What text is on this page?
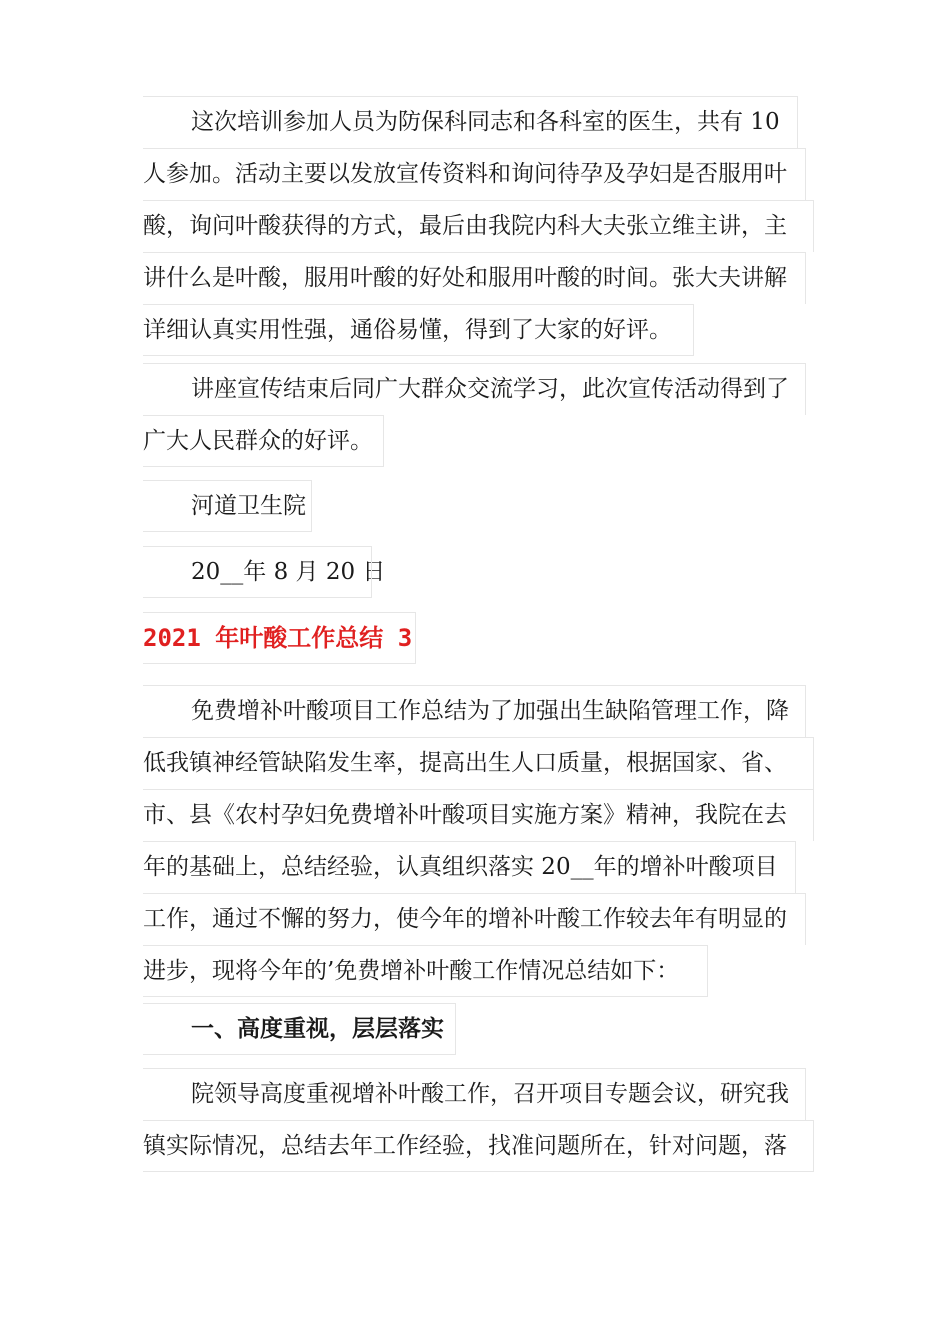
这次培训参加人员为防保科同志和各科室的医生，共有 10
人参加。活动主要以发放宣传资料和询问待孕及孕妇是否服用叶
酸，询问叶酸获得的方式，最后由我院内科大夫张立维主讲，主
讲什么是叶酸，服用叶酸的好处和服用叶酸的时间。张大夫讲解
详细认真实用性强，通俗易懂，得到了大家的好评。
讲座宣传结束后同广大群众交流学习，此次宣传活动得到了
广大人民群众的好评。
河道卫生院
20__年 8 月 20 日
2021 年叶酸工作总结 3
免费增补叶酸项目工作总结为了加强出生缺陷管理工作，降
低我镇神经管缺陷发生率，提高出生人口质量，根据国家、省、
市、县《农村孕妇免费增补叶酸项目实施方案》精神，我院在去
年的基础上，总结经验，认真组织落实 20__年的增补叶酸项目
工作，通过不懈的努力，使今年的增补叶酸工作较去年有明显的
进步，现将今年的’免费增补叶酸工作情况总结如下：
一、高度重视，层层落实
院领导高度重视增补叶酸工作，召开项目专题会议，研究我
镇实际情况，总结去年工作经验，找准问题所在，针对问题，落
